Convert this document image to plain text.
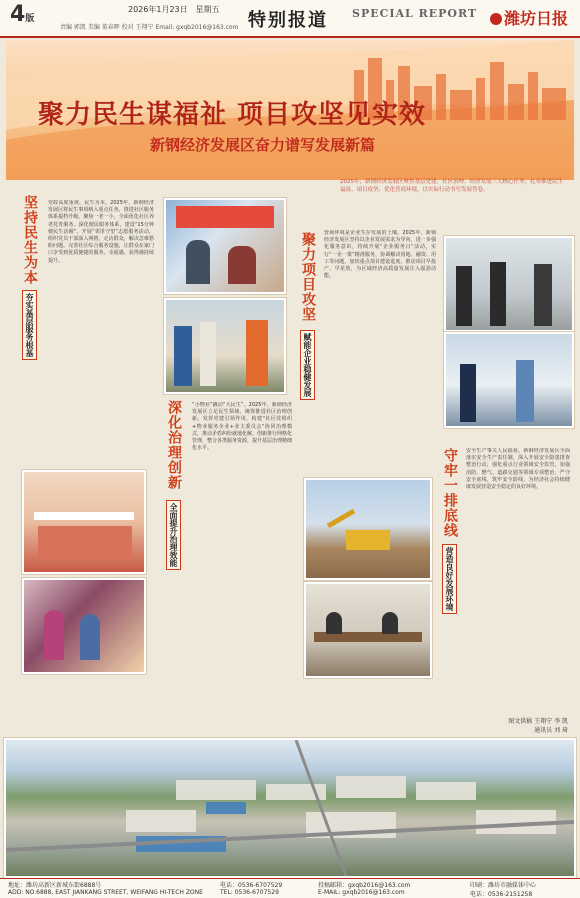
4版
2026年1月23日　星期五
责编 郭凯 美编 董春晖 校对 王翔宁 Email: gxqb2016@163.com 特别报道 SPECIAL REPORT	潍坊日报
聚力民生谋福祉 项目攻坚见实效
新钢经济发展区奋力谱写发展新篇
2025年，新钢经济发展区聚焦基层党建、社区治理、经济发展三大核心任务，扎奉推进民生福祉、项目攻坚、优化营商环境，以实际行动书写发展答卷。
坚持民生为本
夯实基层服务根基
党政高度重视，民生为本。2025年，新钢经济发展区将民生事项纳入重点任务，推进社区服务体系提档升级。聚焦一老一小，全面优化社区养老托育服务，深化便民服务体系，建设“15分钟便民生活圈”。开展“邻里守望”志愿服务活动，组织党员干部深入网格，走访群众，解决急难愁盼问题。完善社区综合服务设施，让群众在家门口享受到优质便捷的服务，幸福感、获得感持续提升。
深化治理创新
全面提升治理效能
“小物业”撬动“大民生”。2025年，新钢经济发展区立足民生领域，统筹推进社区治理创新。发挥党建引领作用，构建“社区党组织+物业服务企业+业主委员会”协同治理模式，推动矛盾纠纷就地化解。创新推行网格化管理，整合各类服务资源，提升基层治理精细化水平。
聚力项目攻坚
赋能企业稳健发展
营商环境是企业生存发展的土壤。2025年，新钢经济发展区坚持以企业发展需求为导向，进一步强化服务意识，持续开展“企业服务日”活动，实行“一企一策”精准服务，协调解决用地、融资、用工等问题。加快重点项目建设进度，推动项目早投产、早见效，为区域经济高质量发展注入强劲动能。
守牢一排底线
营造良好发展环境
安全生产事关人民福祉。新钢经济发展区全面落实安全生产责任制，深入开展安全隐患排查整治行动，强化重点行业领域安全监管，加强消防、燃气、道路交通等领域专项整治，严守安全底线，筑牢安全防线，为经济社会持续健康发展营造安全稳定的良好环境。
图文供稿 王翔宁 李 凯
通讯员 刘 琦
地址：潍坊高新区新城东街6888号
ADD: NO.6888, EAST JIANKANG STREET, WEIFANG HI-TECH ZONE
电话：0536-6707529
TEL: 0536-6707529
投稿邮箱：gxqb2016@163.com
E-MAIL: gxqb2016@163.com
印刷：潍坊市融媒体中心
电话：0536-2151258
